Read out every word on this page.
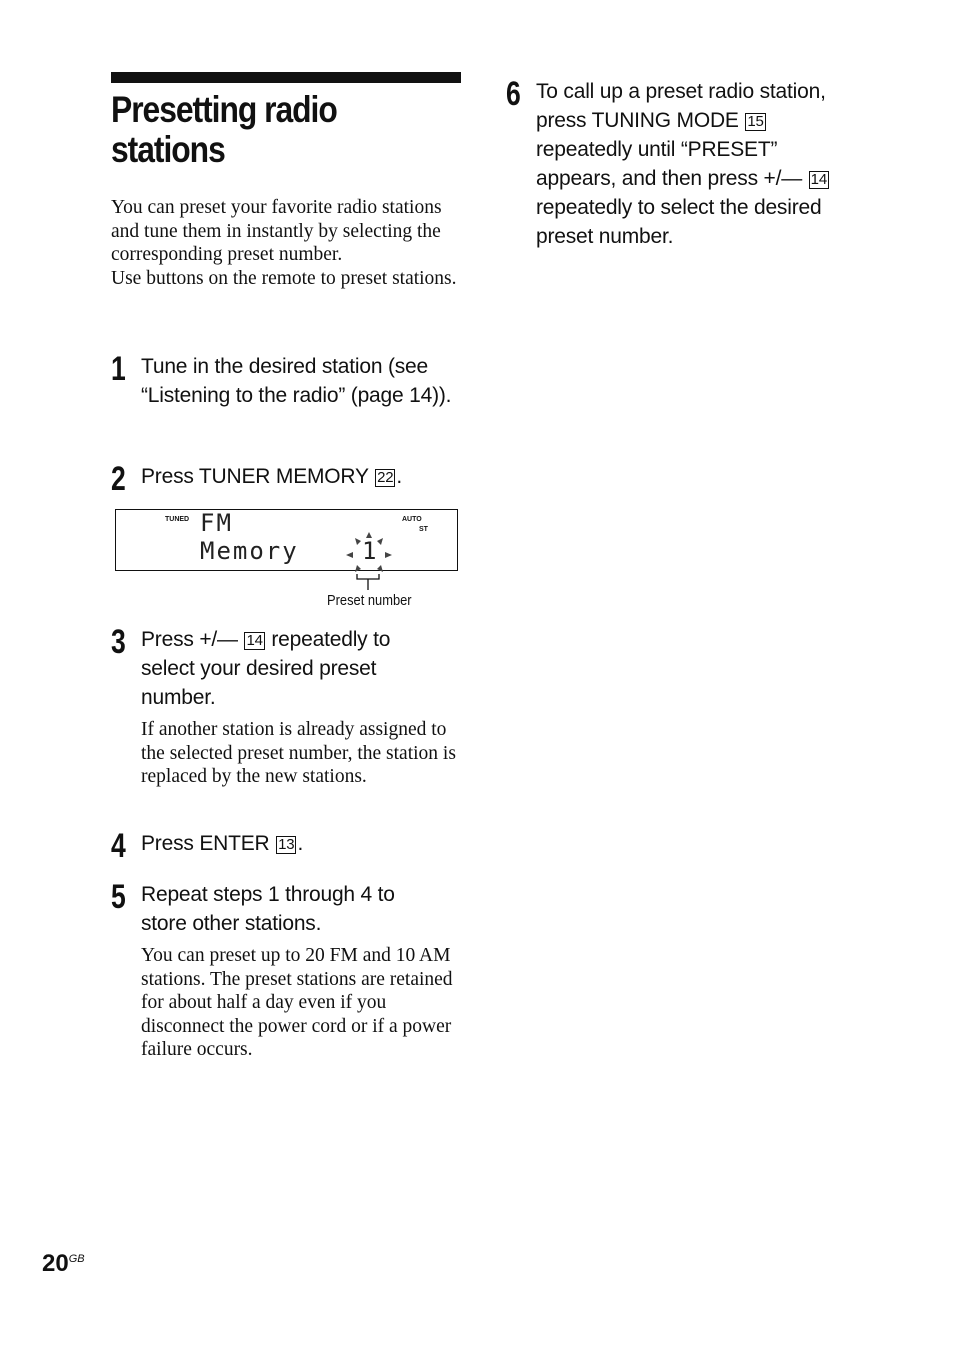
Presetting radio stations

You can preset your favorite radio stations and tune them in instantly by selecting the corresponding preset number.

Use buttons on the remote to preset stations.

1 Tune in the desired station (see “Listening to the radio” (page 14)).
2 Press TUNER MEMORY 22 .
TUNED	AUTO
ST
FM
Memory	1
Preset number
3 Press +/— 14 repeatedly to select your desired preset number.
If another station is already assigned to the selected preset number, the station is replaced by the new stations.
4 Press ENTER 13 .
5 Repeat steps 1 through 4 to store other stations.
You can preset up to 20 FM and 10 AM stations. The preset stations are retained for about half a day even if you disconnect the power cord or if a power failure occurs.
6 To call up a preset radio station, press TUNING MODE 15 repeatedly until “PRESET” appears, and then press +/— 14 repeatedly to select the desired preset number.
$20^{GB}$
